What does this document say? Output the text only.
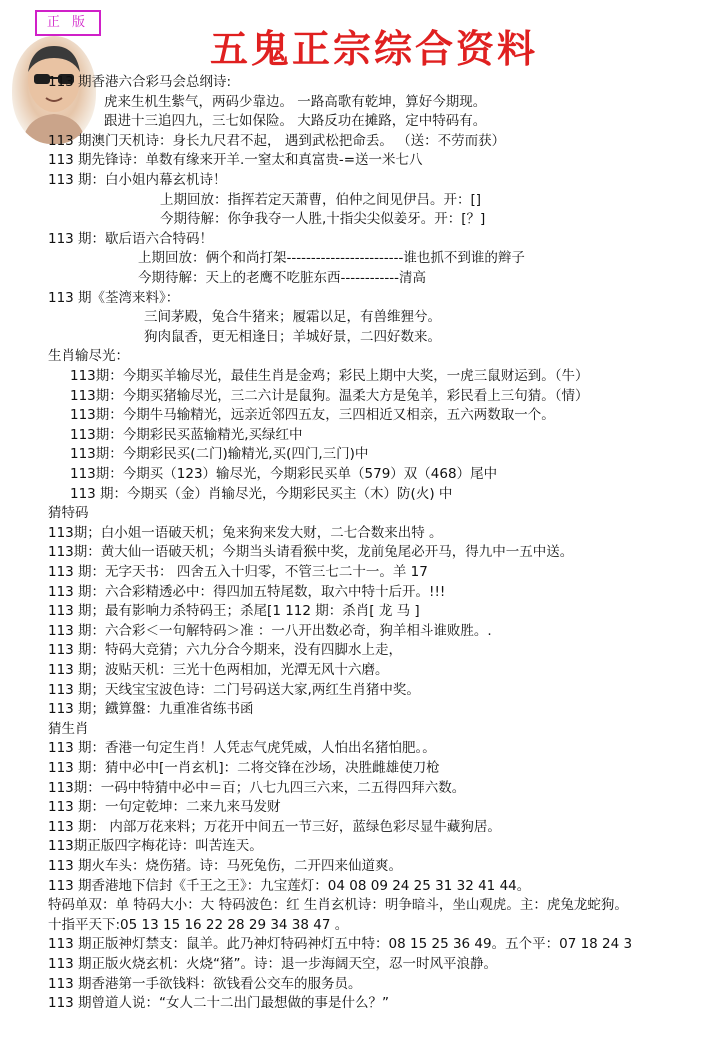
正 版
五鬼正宗综合资料
113 期香港六合彩马会总纲诗:
虎来生机生紫气，两码少靠边。 一路高歌有乾坤，算好今期现。
跟进十三追四九，三七如保险。 大路反功在摊路，定中特码有。
113 期澳门天机诗：身长九尺君不起， 遇到武松把命丢。 （送：不劳而获）
113 期先锋诗：单数有缘来开羊.一窒太和真富贵-=送一米七八
113 期：白小姐内幕玄机诗！
上期回放：指挥若定天萧曹，伯仲之间见伊吕。开：[]
今期待解：你争我夺一人胜,十指尖尖似姜牙。开：[？]
113 期：歇后语六合特码！
上期回放：俩个和尚打架------------------------谁也抓不到谁的辫子
今期待解：天上的老鹰不吃脏东西------------清高
113 期《荃湾来料》：
三间茅殿，兔合牛猪来；履霜以足，有兽维狸兮。
狗肉鼠香，更无相逢日；羊城好景，二四好数来。
生肖输尽光：
113期：今期买羊输尽光，最佳生肖是金鸡；彩民上期中大奖，一虎三鼠财运到。（牛）
113期：今期买猪输尽光，三二六计是鼠狗。温柔大方是兔羊，彩民看上三句猜。（情）
113期：今期牛马输精光，远亲近邻四五友，三四相近又相亲，五六两数取一个。
113期：今期彩民买蓝输精光,买绿红中
113期：今期彩民买(二门)输精光,买(四门,三门)中
113期：今期买（123）输尽光，今期彩民买单（579）双（468）尾中
113 期：今期买（金）肖输尽光，今期彩民买主（木）防(火) 中
猜特码
113期；白小姐一语破天机；兔来狗来发大财，二七合数来出特 。
113期：黄大仙一语破天机；今期当头请看猴中奖，龙前兔尾必开马，得九中一五中送。
113 期：无字天书： 四舍五入十归零，不管三七二十一。羊 17
113 期：六合彩精透必中：得四加五特尾数，取六中特十后开。!!!
113 期；最有影响力杀特码王；杀尾[1 112 期：杀肖[ 龙 马 ]
113 期：六合彩＜一句解特码＞准 ：一八开出数必奇，狗羊相斗谁败胜。.
113 期：特码大竞猜；六九分合今期来，没有四脚水上走，
113 期；波贴天机：三光十色两相加，光潭无风十六磨。
113 期；天线宝宝波色诗：二门号码送大家,两红生肖猪中奖。
113 期；鐡算盤：九重准省练书函
猜生肖
113 期：香港一句定生肖！人凭志气虎凭威，人怕出名猪怕肥。。
113 期：猜中必中[一肖玄机]：二将交锋在沙场，决胜雌雄使刀枪
113期：一码中特猜中必中＝百；八七九四三六来，二五得四拜六数。
113 期：一句定乾坤：二来九来马发财
113 期： 内部万花来料；万花开中间五一节三好，蓝绿色彩尽显牛藏狗居。
113期正版四字梅花诗：叫苦连天。
113 期火车头：烧伤猪。诗：马死兔伤，二开四来仙道爽。
113 期香港地下信封《千王之王》：九宝莲灯：04 08 09 24 25 31 32 41 44。
特码单双：单 特码大小：大 特码波色：红 生肖玄机诗：明争暗斗，坐山观虎。主：虎兔龙蛇狗。
十指平天下:05 13 15 16 22 28 29 34 38 47 。
113 期正版神灯禁支：鼠羊。此乃神灯特码神灯五中特：08 15 25 36 49。五个平：07 18 24 3
113 期正版火烧玄机：火烧“猪”。诗：退一步海阔天空，忍一时风平浪静。
113 期香港第一手欲钱料：欲钱看公交车的服务员。
113 期曾道人说：“女人二十二出门最想做的事是什么？”
